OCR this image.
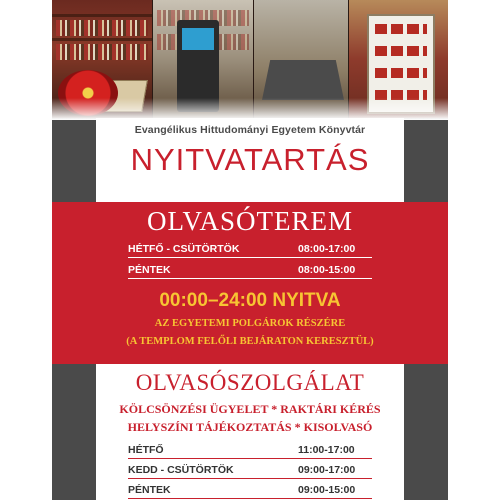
Evangélikus Hittudományi Egyetem Könyvtár
NYITVATARTÁS
OLVASÓTEREM
HÉTFŐ - CSÜTÖRTÖK	08:00-17:00
PÉNTEK	08:00-15:00
00:00–24:00 NYITVA
AZ EGYETEMI POLGÁROK RÉSZÉRE
(A TEMPLOM FELŐLI BEJÁRATON KERESZTÜL)
OLVASÓSZOLGÁLAT
KÖLCSÖNZÉSI ÜGYELET * RAKTÁRI KÉRÉS
HELYSZÍNI TÁJÉKOZTATÁS * KISOLVASÓ
HÉTFŐ	11:00-17:00
KEDD - CSÜTÖRTÖK	09:00-17:00
PÉNTEK	09:00-15:00
